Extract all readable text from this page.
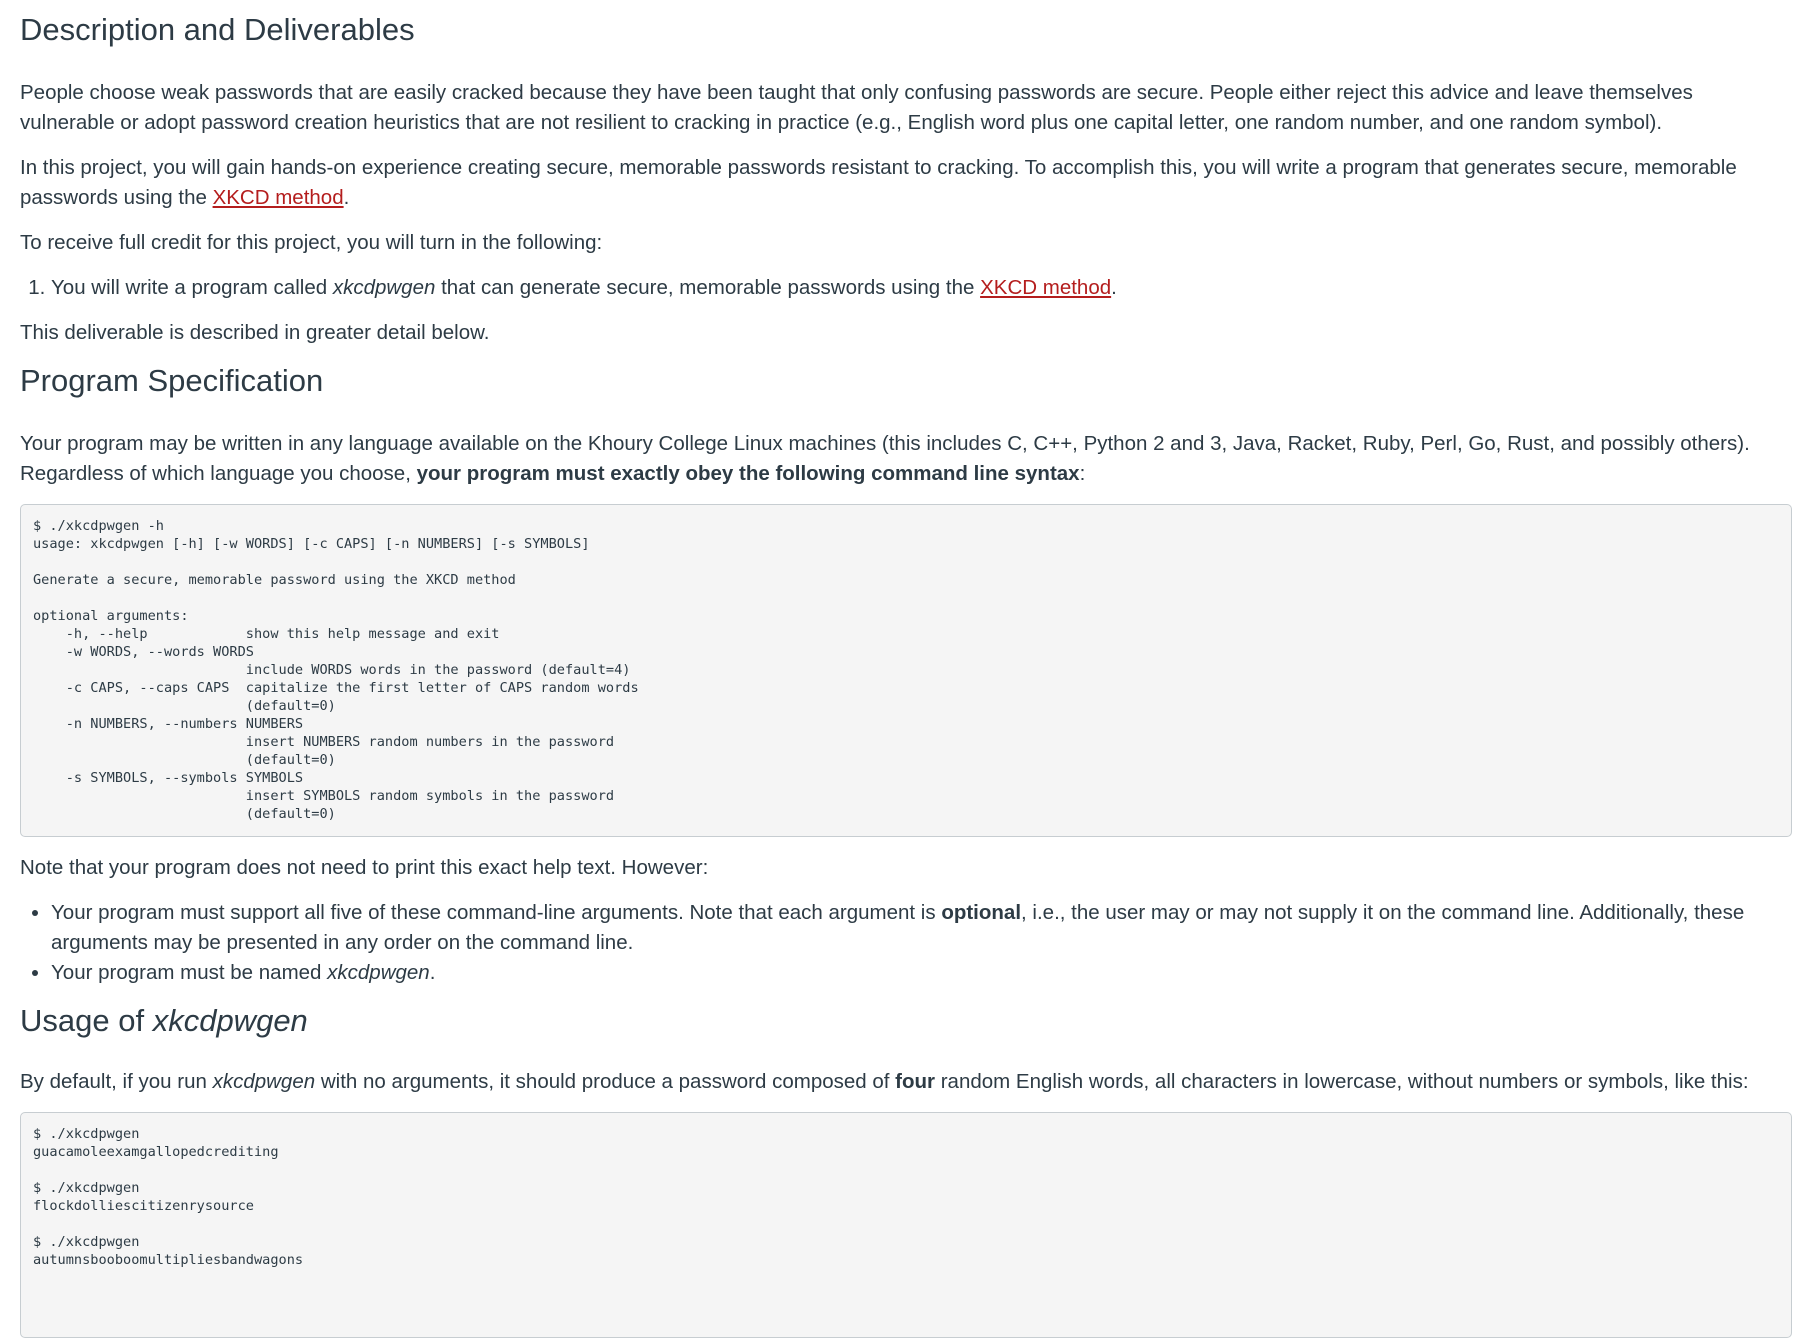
Description and Deliverables

People choose weak passwords that are easily cracked because they have been taught that only confusing passwords are secure. People either reject this advice and leave themselves vulnerable or adopt password creation heuristics that are not resilient to cracking in practice (e.g., English word plus one capital letter, one random number, and one random symbol).

In this project, you will gain hands-on experience creating secure, memorable passwords resistant to cracking. To accomplish this, you will write a program that generates secure, memorable passwords using the XKCD method.

To receive full credit for this project, you will turn in the following:

1. You will write a program called xkcdpwgen that can generate secure, memorable passwords using the XKCD method.

This deliverable is described in greater detail below.

Program Specification

Your program may be written in any language available on the Khoury College Linux machines (this includes C, C++, Python 2 and 3, Java, Racket, Ruby, Perl, Go, Rust, and possibly others). Regardless of which language you choose, your program must exactly obey the following command line syntax:

$ ./xkcdpwgen -h
usage: xkcdpwgen [-h] [-w WORDS] [-c CAPS] [-n NUMBERS] [-s SYMBOLS]

Generate a secure, memorable password using the XKCD method

optional arguments:
-h, --help            show this help message and exit
-w WORDS, --words WORDS
include WORDS words in the password (default=4)
-c CAPS, --caps CAPS  capitalize the first letter of CAPS random words
(default=0)
-n NUMBERS, --numbers NUMBERS
insert NUMBERS random numbers in the password
(default=0)
-s SYMBOLS, --symbols SYMBOLS
insert SYMBOLS random symbols in the password
(default=0)

Note that your program does not need to print this exact help text. However:

• Your program must support all five of these command-line arguments. Note that each argument is optional, i.e., the user may or may not supply it on the command line. Additionally, these arguments may be presented in any order on the command line.
• Your program must be named xkcdpwgen.
Usage of xkcdpwgen

By default, if you run xkcdpwgen with no arguments, it should produce a password composed of four random English words, all characters in lowercase, without numbers or symbols, like this:

$ ./xkcdpwgen
guacamoleexamgallopedcrediting

$ ./xkcdpwgen
flockdolliescitizenrysource

$ ./xkcdpwgen
autumnsbooboomultipliesbandwagons
